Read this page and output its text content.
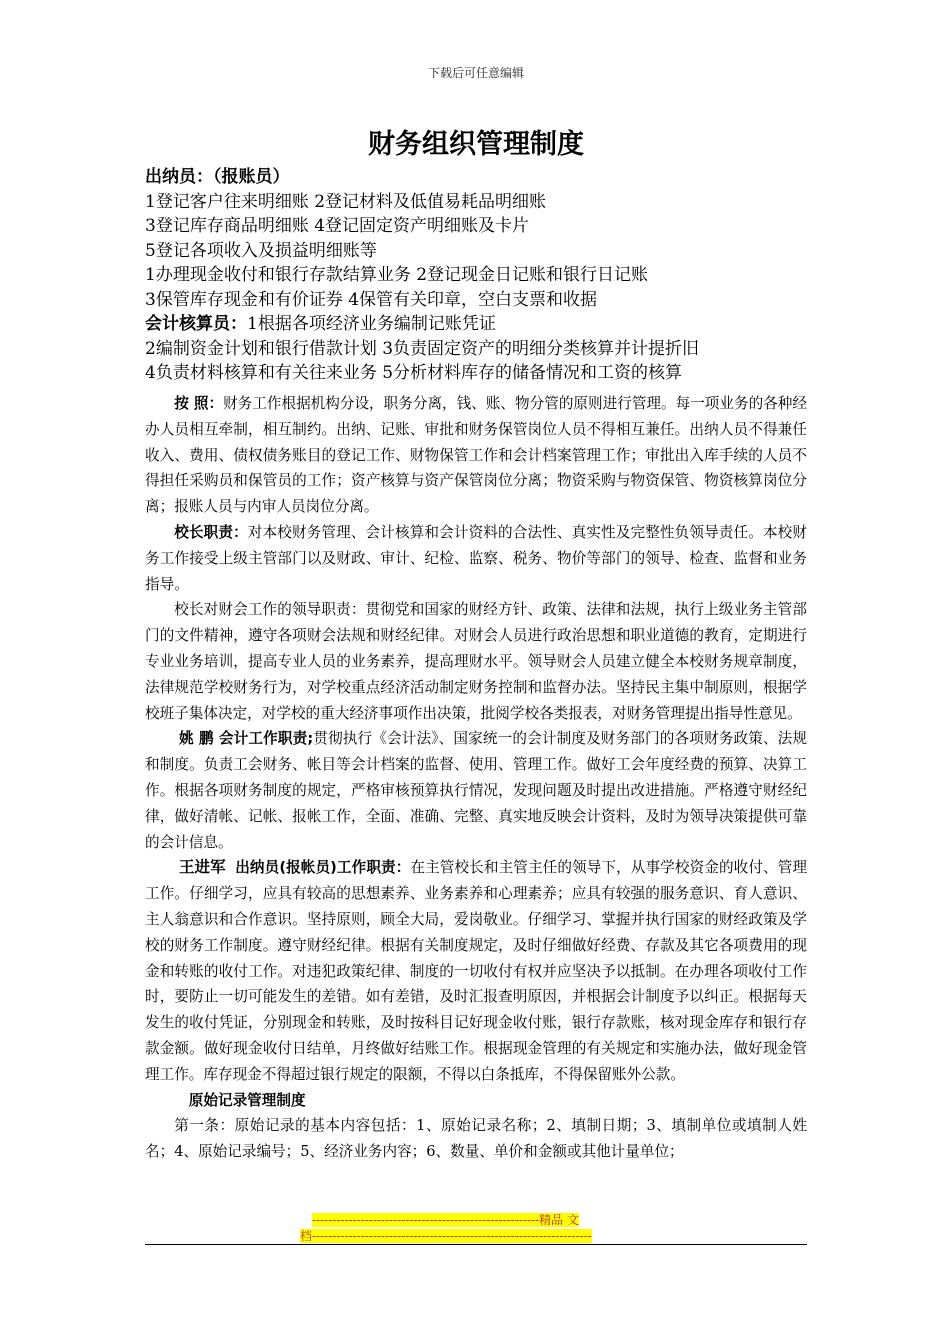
下载后可任意编辑
财务组织管理制度
出纳员：（报账员）
1登记客户往来明细账 2登记材料及低值易耗品明细账
3登记库存商品明细账 4登记固定资产明细账及卡片
5登记各项收入及损益明细账等
1办理现金收付和银行存款结算业务 2登记现金日记账和银行日记账
3保管库存现金和有价证券 4保管有关印章，空白支票和收据
会计核算员：1根据各项经济业务编制记账凭证
2编制资金计划和银行借款计划 3负责固定资产的明细分类核算并计提折旧
4负责材料核算和有关往来业务 5分析材料库存的储备情况和工资的核算

按 照：财务工作根据机构分设，职务分离，钱、账、物分管的原则进行管理。每一项业务的各种经办人员相互牵制，相互制约。出纳、记账、审批和财务保管岗位人员不得相互兼任。出纳人员不得兼任收入、费用、债权债务账目的登记工作、财物保管工作和会计档案管理工作；审批出入库手续的人员不得担任采购员和保管员的工作；资产核算与资产保管岗位分离；物资采购与物资保管、物资核算岗位分离；报账人员与内审人员岗位分离。

校长职责：对本校财务管理、会计核算和会计资料的合法性、真实性及完整性负领导责任。本校财务工作接受上级主管部门以及财政、审计、纪检、监察、税务、物价等部门的领导、检查、监督和业务指导。

校长对财会工作的领导职责：贯彻党和国家的财经方针、政策、法律和法规，执行上级业务主管部门的文件精神，遵守各项财会法规和财经纪律。对财会人员进行政治思想和职业道德的教育，定期进行专业业务培训，提高专业人员的业务素养，提高理财水平。领导财会人员建立健全本校财务规章制度，法律规范学校财务行为，对学校重点经济活动制定财务控制和监督办法。坚持民主集中制原则，根据学校班子集体决定，对学校的重大经济事项作出决策，批阅学校各类报表，对财务管理提出指导性意见。

姚 鹏 会计工作职责;贯彻执行《会计法》、国家统一的会计制度及财务部门的各项财务政策、法规和制度。负责工会财务、帐目等会计档案的监督、使用、管理工作。做好工会年度经费的预算、决算工作。根据各项财务制度的规定，严格审核预算执行情况，发现问题及时提出改进措施。严格遵守财经纪律，做好清帐、记帐、报帐工作，全面、准确、完整、真实地反映会计资料，及时为领导决策提供可靠的会计信息。

王进军 出纳员(报帐员)工作职责：在主管校长和主管主任的领导下，从事学校资金的收付、管理工作。仔细学习，应具有较高的思想素养、业务素养和心理素养；应具有较强的服务意识、育人意识、主人翁意识和合作意识。坚持原则，顾全大局，爱岗敬业。仔细学习、掌握并执行国家的财经政策及学校的财务工作制度。遵守财经纪律。根据有关制度规定，及时仔细做好经费、存款及其它各项费用的现金和转账的收付工作。对违犯政策纪律、制度的一切收付有权并应坚决予以抵制。在办理各项收付工作时，要防止一切可能发生的差错。如有差错，及时汇报查明原因，并根据会计制度予以纠正。根据每天发生的收付凭证，分别现金和转账，及时按科目记好现金收付账，银行存款账，核对现金库存和银行存款金额。做好现金收付日结单，月终做好结账工作。根据现金管理的有关规定和实施办法，做好现金管理工作。库存现金不得超过银行规定的限额，不得以白条抵库，不得保留账外公款。

原始记录管理制度

第一条：原始记录的基本内容包括：1、原始记录名称；2、填制日期；3、填制单位或填制人姓名；4、原始记录编号；5、经济业务内容；6、数量、单价和金额或其他计量单位；

--------------------------------------------------------精品 文
档---------------------------------------------------------------------
